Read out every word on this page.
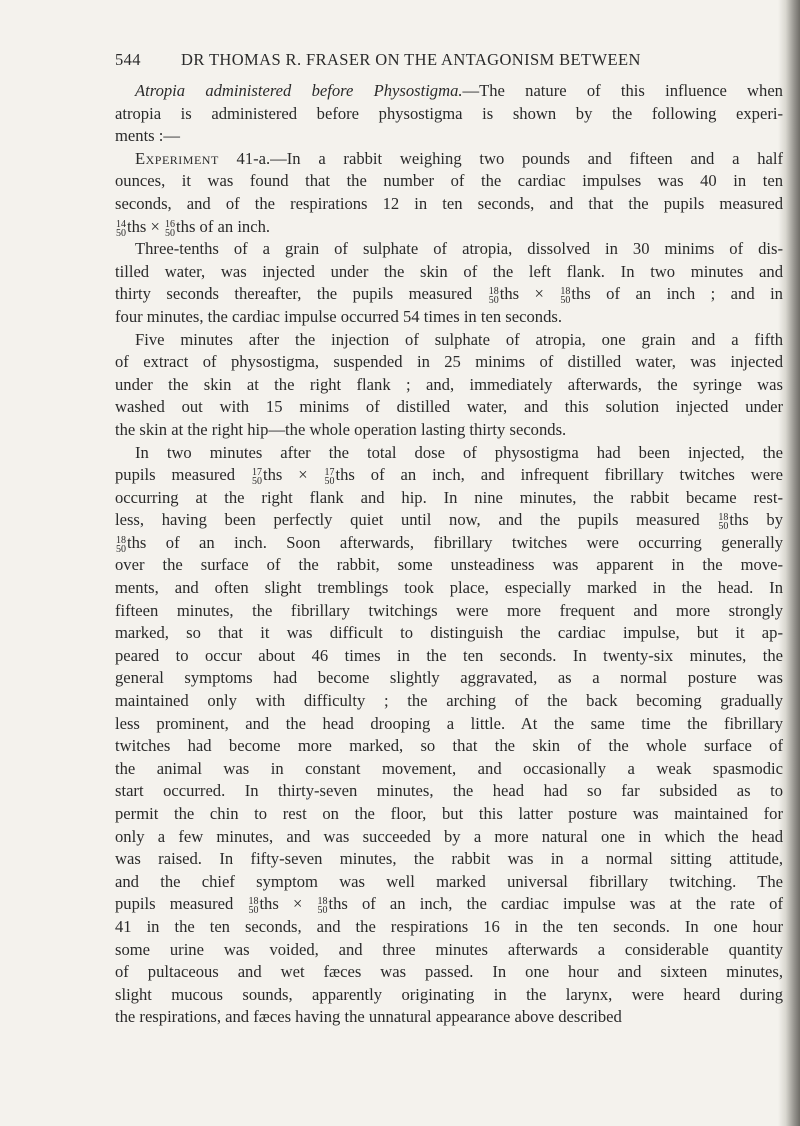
544 DR THOMAS R. FRASER ON THE ANTAGONISM BETWEEN
Atropia administered before Physostigma.—The nature of this influence when
atropia is administered before physostigma is shown by the following experi-
ments :—
Experiment 41-a.—In a rabbit weighing two pounds and fifteen and a half
ounces, it was found that the number of the cardiac impulses was 40 in ten
seconds, and of the respirations 12 in ten seconds, and that the pupils measured
14
50 ths × 16
50 ths of an inch.
Three-tenths of a grain of sulphate of atropia, dissolved in 30 minims of dis-
tilled water, was injected under the skin of the left flank. In two minutes and
thirty seconds thereafter, the pupils measured 18
50 ths × 18
50 ths of an inch ; and in
four minutes, the cardiac impulse occurred 54 times in ten seconds.
Five minutes after the injection of sulphate of atropia, one grain and a fifth
of extract of physostigma, suspended in 25 minims of distilled water, was injected
under the skin at the right flank ; and, immediately afterwards, the syringe was
washed out with 15 minims of distilled water, and this solution injected under
the skin at the right hip—the whole operation lasting thirty seconds.
In two minutes after the total dose of physostigma had been injected, the
pupils measured 17
50 ths × 17
50 ths of an inch, and infrequent fibrillary twitches were
occurring at the right flank and hip. In nine minutes, the rabbit became rest-
less, having been perfectly quiet until now, and the pupils measured 18
50 ths by
18
50 ths of an inch. Soon afterwards, fibrillary twitches were occurring generally
over the surface of the rabbit, some unsteadiness was apparent in the move-
ments, and often slight tremblings took place, especially marked in the head. In
fifteen minutes, the fibrillary twitchings were more frequent and more strongly
marked, so that it was difficult to distinguish the cardiac impulse, but it ap-
peared to occur about 46 times in the ten seconds. In twenty-six minutes, the
general symptoms had become slightly aggravated, as a normal posture was
maintained only with difficulty ; the arching of the back becoming gradually
less prominent, and the head drooping a little. At the same time the fibrillary
twitches had become more marked, so that the skin of the whole surface of
the animal was in constant movement, and occasionally a weak spasmodic
start occurred. In thirty-seven minutes, the head had so far subsided as to
permit the chin to rest on the floor, but this latter posture was maintained for
only a few minutes, and was succeeded by a more natural one in which the head
was raised. In fifty-seven minutes, the rabbit was in a normal sitting attitude,
and the chief symptom was well marked universal fibrillary twitching. The
pupils measured 18
50 ths × 18
50 ths of an inch, the cardiac impulse was at the rate of
41 in the ten seconds, and the respirations 16 in the ten seconds. In one hour
some urine was voided, and three minutes afterwards a considerable quantity
of pultaceous and wet fæces was passed. In one hour and sixteen minutes,
slight mucous sounds, apparently originating in the larynx, were heard during
the respirations, and fæces having the unnatural appearance above described
